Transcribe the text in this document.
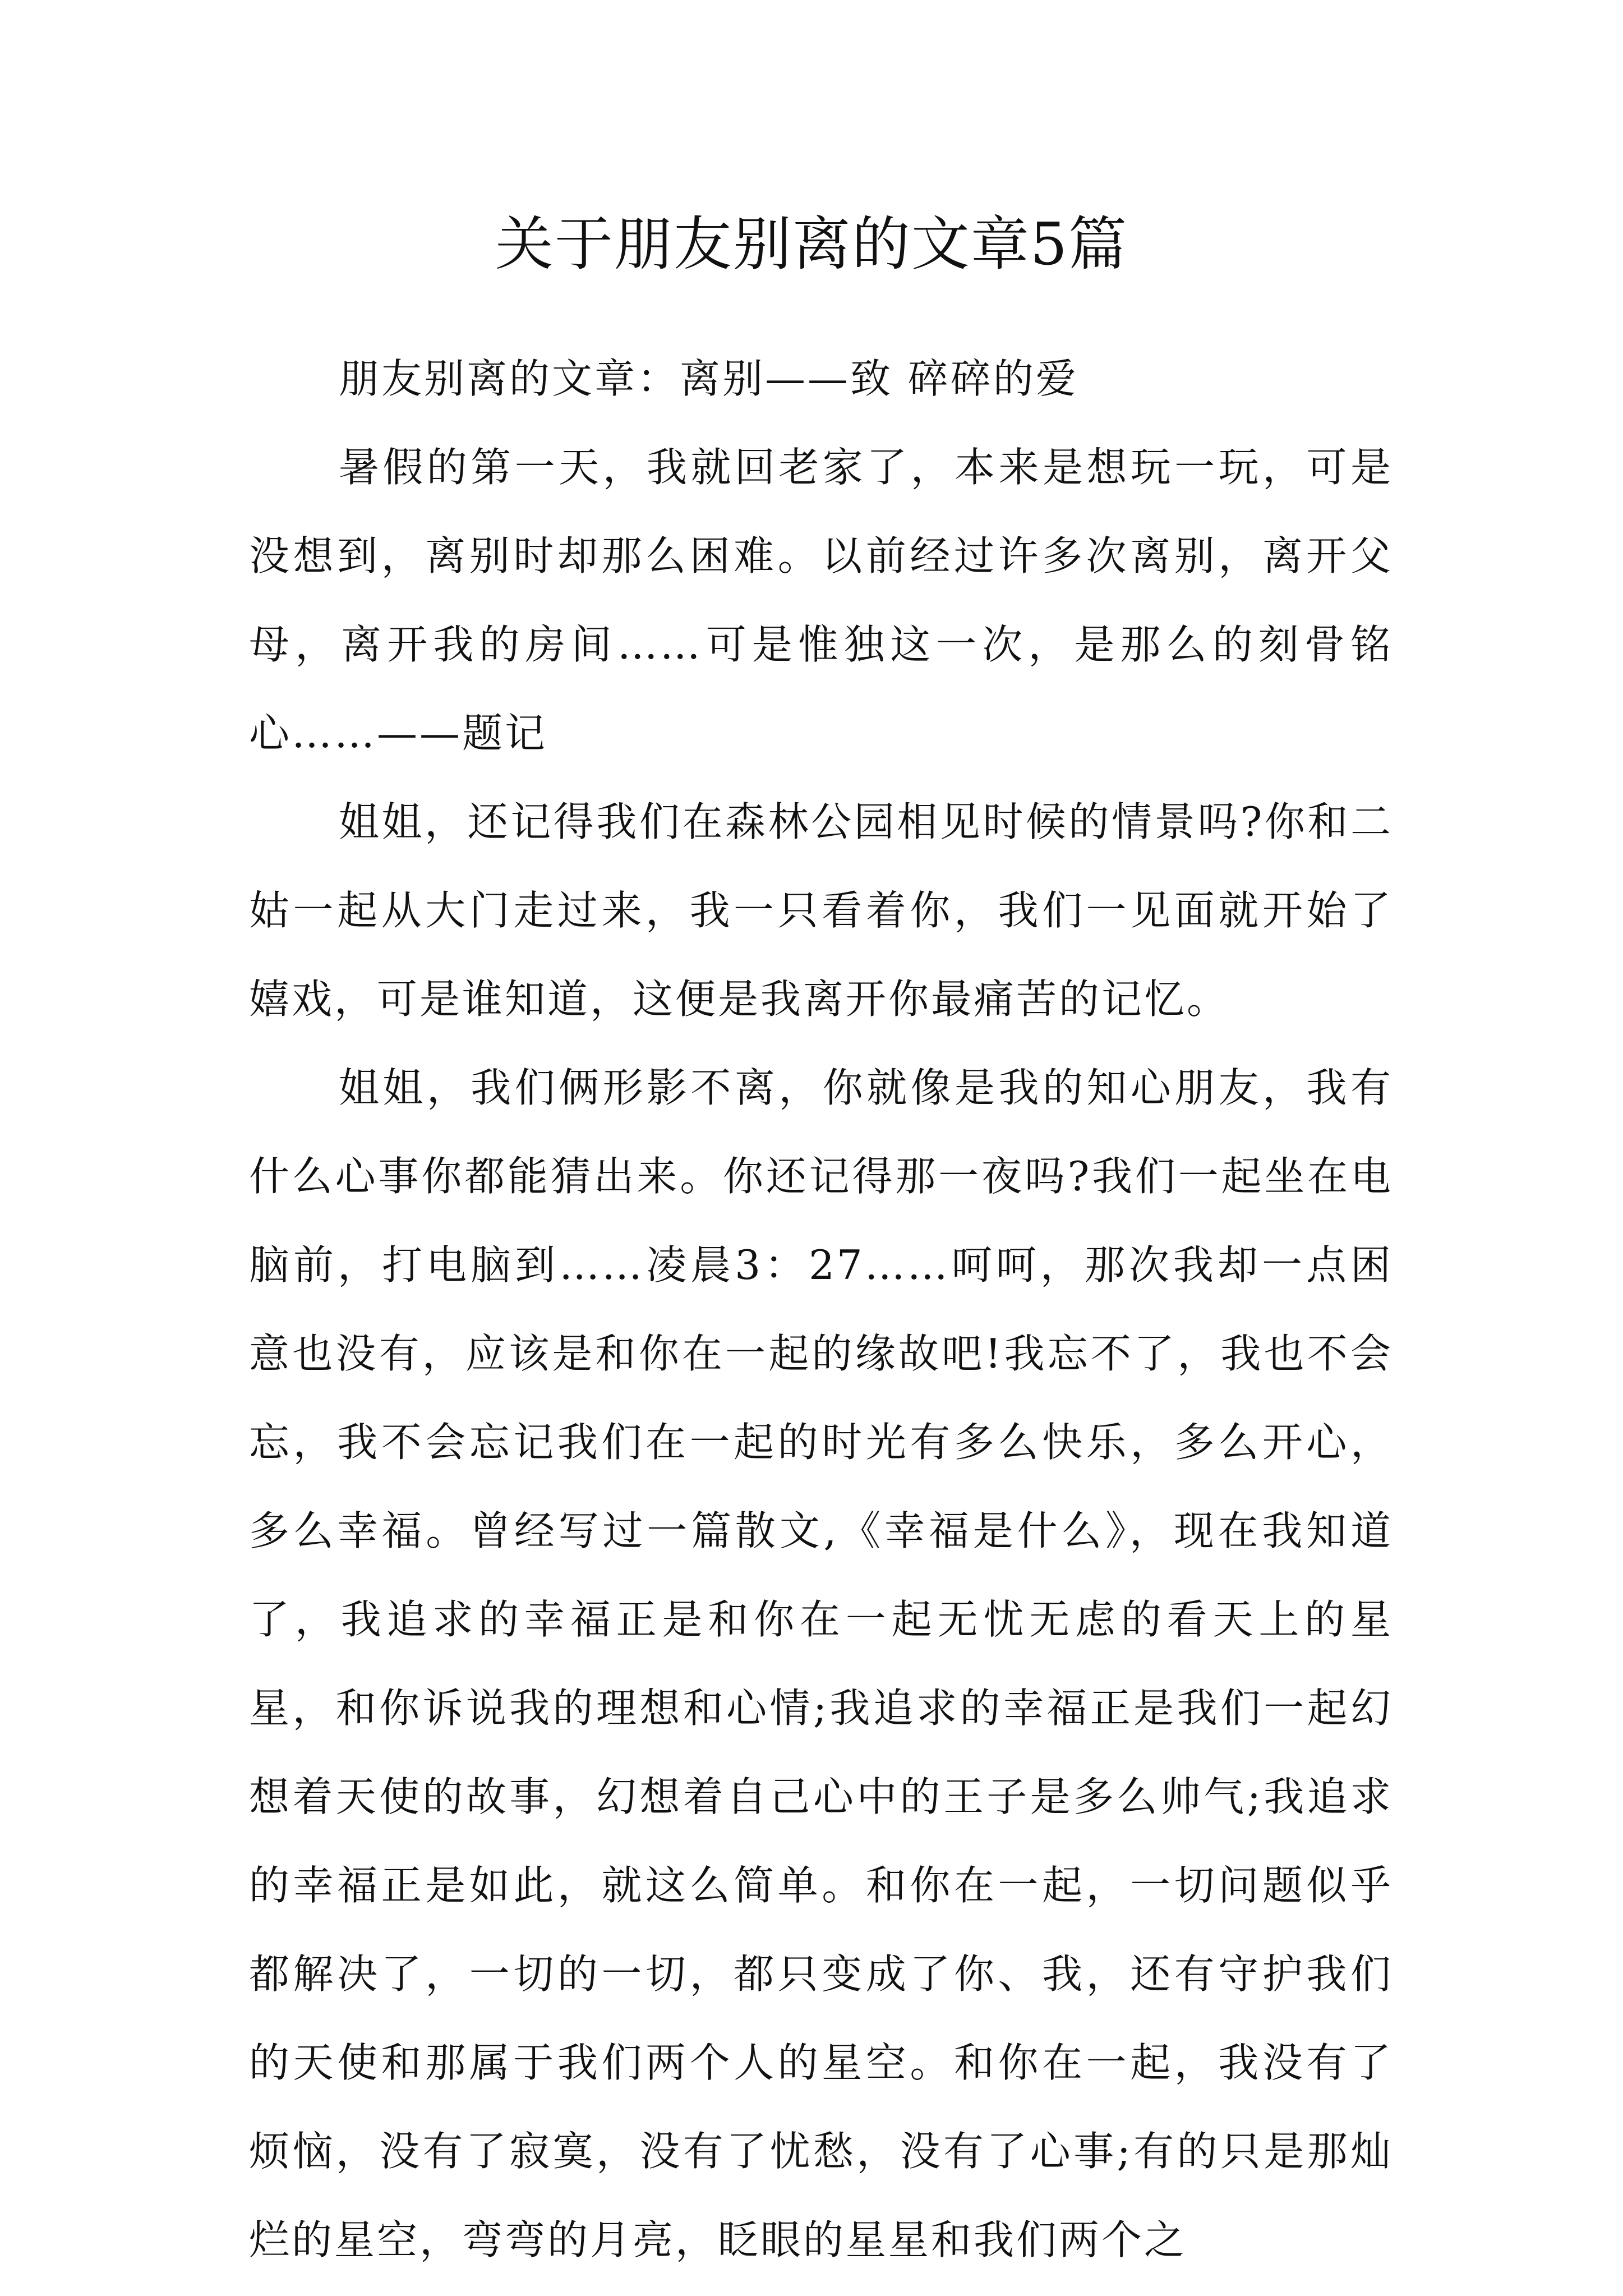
关于朋友别离的文章5篇

朋友别离的文章：离别——致 碎碎的爱

暑假的第一天，我就回老家了，本来是想玩一玩，可是没想到，离别时却那么困难。以前经过许多次离别，离开父母，离开我的房间……可是惟独这一次，是那么的刻骨铭心……——题记

姐姐，还记得我们在森林公园相见时候的情景吗?你和二姑一起从大门走过来，我一只看着你，我们一见面就开始了嬉戏，可是谁知道，这便是我离开你最痛苦的记忆。

姐姐，我们俩形影不离，你就像是我的知心朋友，我有什么心事你都能猜出来。你还记得那一夜吗?我们一起坐在电脑前，打电脑到……凌晨3：27……呵呵，那次我却一点困意也没有，应该是和你在一起的缘故吧!我忘不了，我也不会忘，我不会忘记我们在一起的时光有多么快乐，多么开心，多么幸福。曾经写过一篇散文,《幸福是什么》，现在我知道了，我追求的幸福正是和你在一起无忧无虑的看天上的星星，和你诉说我的理想和心情;我追求的幸福正是我们一起幻想着天使的故事，幻想着自己心中的王子是多么帅气;我追求的幸福正是如此，就这么简单。和你在一起，一切问题似乎都解决了，一切的一切，都只变成了你、我，还有守护我们的天使和那属于我们两个人的星空。和你在一起，我没有了烦恼，没有了寂寞，没有了忧愁，没有了心事;有的只是那灿烂的星空，弯弯的月亮，眨眼的星星和我们两个之
